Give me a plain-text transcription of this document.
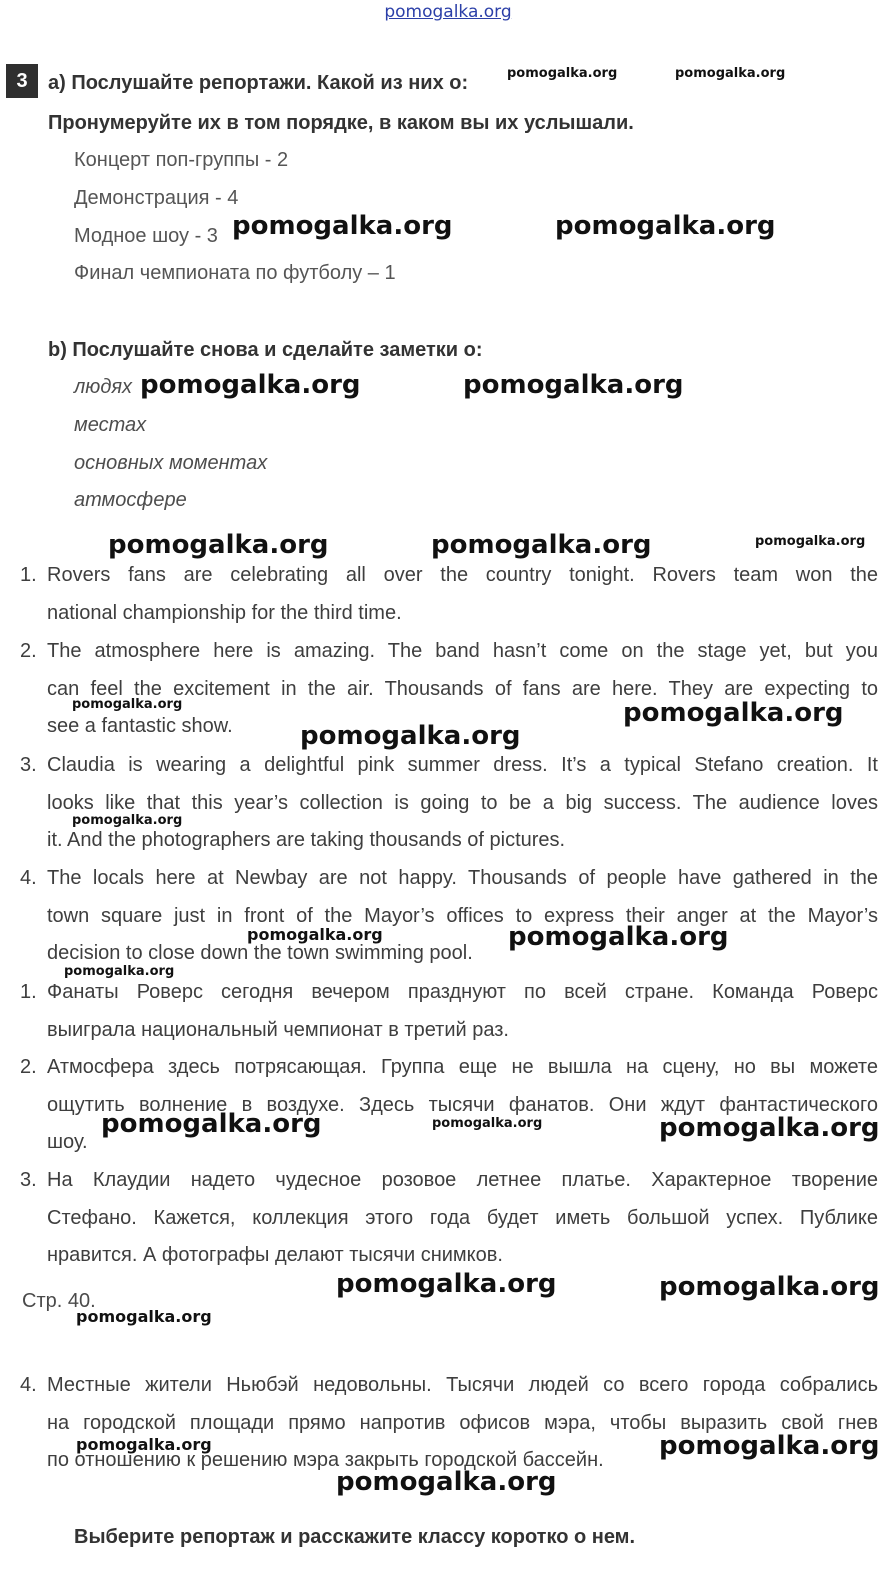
pomogalka.org
3	a) Послушайте репортажи. Какой из них о:
Пронумеруйте их в том порядке, в каком вы их услышали.
Концерт поп-группы - 2
Демонстрация - 4
Модное шоу - 3
Финал чемпионата по футболу – 1
b) Послушайте снова и сделайте заметки о:
людях
местах
основных моментах
атмосфере
1. Rovers fans are celebrating all over the country tonight. Rovers team won the
national championship for the third time.
2. The atmosphere here is amazing. The band hasn’t come on the stage yet, but you
can feel the excitement in the air. Thousands of fans are here. They are expecting to
see a fantastic show.
3. Claudia is wearing a delightful pink summer dress. It’s a typical Stefano creation. It
looks like that this year’s collection is going to be a big success. The audience loves
it. And the photographers are taking thousands of pictures.
4. The locals here at Newbay are not happy. Thousands of people have gathered in the
town square just in front of the Mayor’s offices to express their anger at the Mayor’s
decision to close down the town swimming pool.
1. Фанаты Роверс сегодня вечером празднуют по всей стране. Команда Роверс
выиграла национальный чемпионат в третий раз.
2. Атмосфера здесь потрясающая. Группа еще не вышла на сцену, но вы можете
ощутить волнение в воздухе. Здесь тысячи фанатов. Они ждут фантастического
шоу.
3. На Клаудии надето чудесное розовое летнее платье. Характерное творение
Стефано. Кажется, коллекция этого года будет иметь большой успех. Публике
нравится. А фотографы делают тысячи снимков.
Стр. 40.
4. Местные жители Ньюбэй недовольны. Тысячи людей со всего города собрались
на городской площади прямо напротив офисов мэра, чтобы выразить свой гнев
по отношению к решению мэра закрыть городской бассейн.
Выберите репортаж и расскажите классу коротко о нем.
pomogalka.org	pomogalka.org
pomogalka.org	pomogalka.org
pomogalka.org	pomogalka.org
pomogalka.org	pomogalka.org	pomogalka.org
pomogalka.org	pomogalka.org
pomogalka.org
pomogalka.org
pomogalka.org	pomogalka.org
pomogalka.org
pomogalka.org	pomogalka.org	pomogalka.org
pomogalka.org	pomogalka.org
pomogalka.org
pomogalka.org	pomogalka.org
pomogalka.org
